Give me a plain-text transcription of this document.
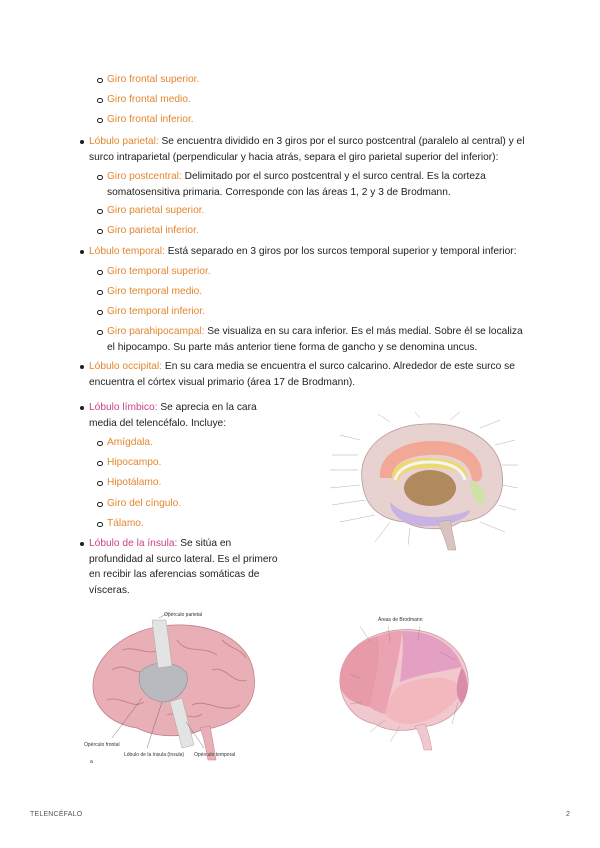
Giro frontal superior.
Giro frontal medio.
Giro frontal inferior.
Lóbulo parietal: Se encuentra dividido en 3 giros por el surco postcentral (paralelo al central) y el surco intraparietal (perpendicular y hacia atrás, separa el giro parietal superior del inferior):
Giro postcentral: Delimitado por el surco postcentral y el surco central. Es la corteza somatosensitiva primaria. Corresponde con las áreas 1, 2 y 3 de Brodmann.
Giro parietal superior.
Giro parietal inferior.
Lóbulo temporal: Está separado en 3 giros por los surcos temporal superior y temporal inferior:
Giro temporal superior.
Giro temporal medio.
Giro temporal inferior.
Giro parahipocampal: Se visualiza en su cara inferior. Es el más medial. Sobre él se localiza el hipocampo. Su parte más anterior tiene forma de gancho y se denomina uncus.
Lóbulo occipital: En su cara media se encuentra el surco calcarino. Alrededor de este surco se encuentra el córtex visual primario (área 17 de Brodmann).
Lóbulo límbico: Se aprecia en la cara media del telencéfalo. Incluye:
Amígdala.
Hipocampo.
Hipotálamo.
Giro del cíngulo.
Tálamo.
Lóbulo de la ínsula: Se sitúa en profundidad al surco lateral. Es el primero en recibir las aferencias somáticas de vísceras.
Opérculo parietal
Opérculo frontal
Lóbulo de la ínsula (ínsula) Opérculo temporal
a
Áreas de Brodmann
TELENCÉFALO	2
